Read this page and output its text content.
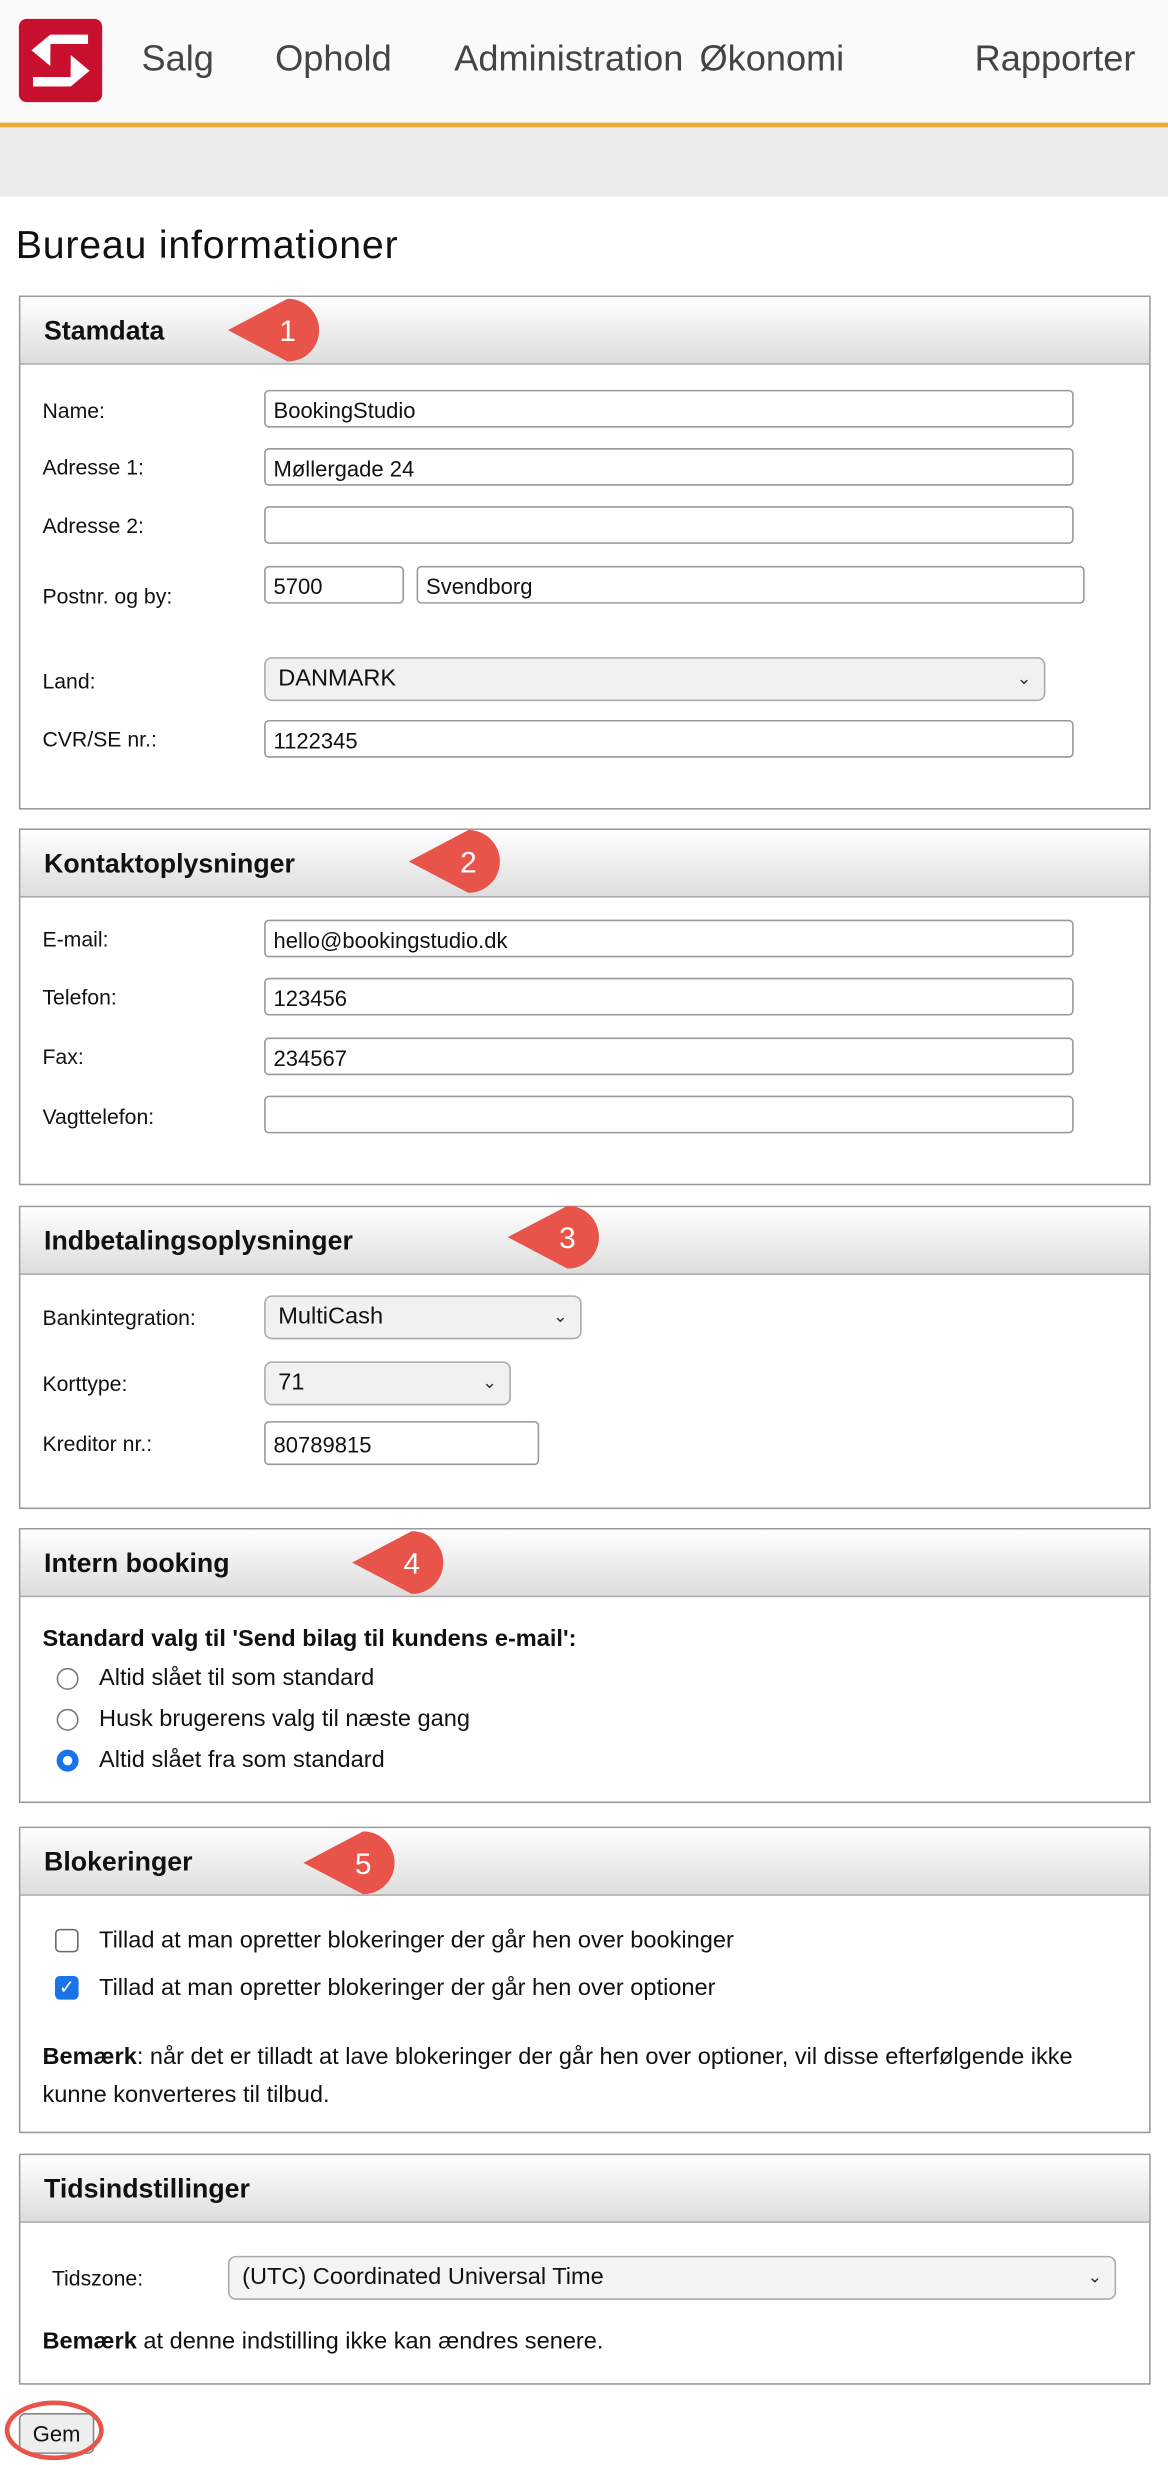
Salg	Ophold	Administration Økonomi	Rapporter
Bureau informationer
Stamdata
Name:	BookingStudio
Adresse 1:	Møllergade 24
Adresse 2:
Postnr. og by:	5700	Svendborg
Land:	DANMARK	⌄
CVR/SE nr.:	1122345
Kontaktoplysninger
E-mail:	hello@bookingstudio.dk
Telefon:	123456
Fax:	234567
Vagttelefon:
Indbetalingsoplysninger
Bankintegration:	MultiCash	⌄
Korttype:	71	⌄
Kreditor nr.:	80789815
Intern booking
Standard valg til 'Send bilag til kundens e-mail':
Altid slået til som standard
Husk brugerens valg til næste gang
Altid slået fra som standard
Blokeringer
Tillad at man opretter blokeringer der går hen over bookinger
✓ Tillad at man opretter blokeringer der går hen over optioner
Bemærk: når det er tilladt at lave blokeringer der går hen over optioner, vil disse efterfølgende ikke kunne konverteres til tilbud.
Tidsindstillinger
Tidszone:	(UTC) Coordinated Universal Time	⌄
Bemærk at denne indstilling ikke kan ændres senere.
1
2
3
4
5
Gem
